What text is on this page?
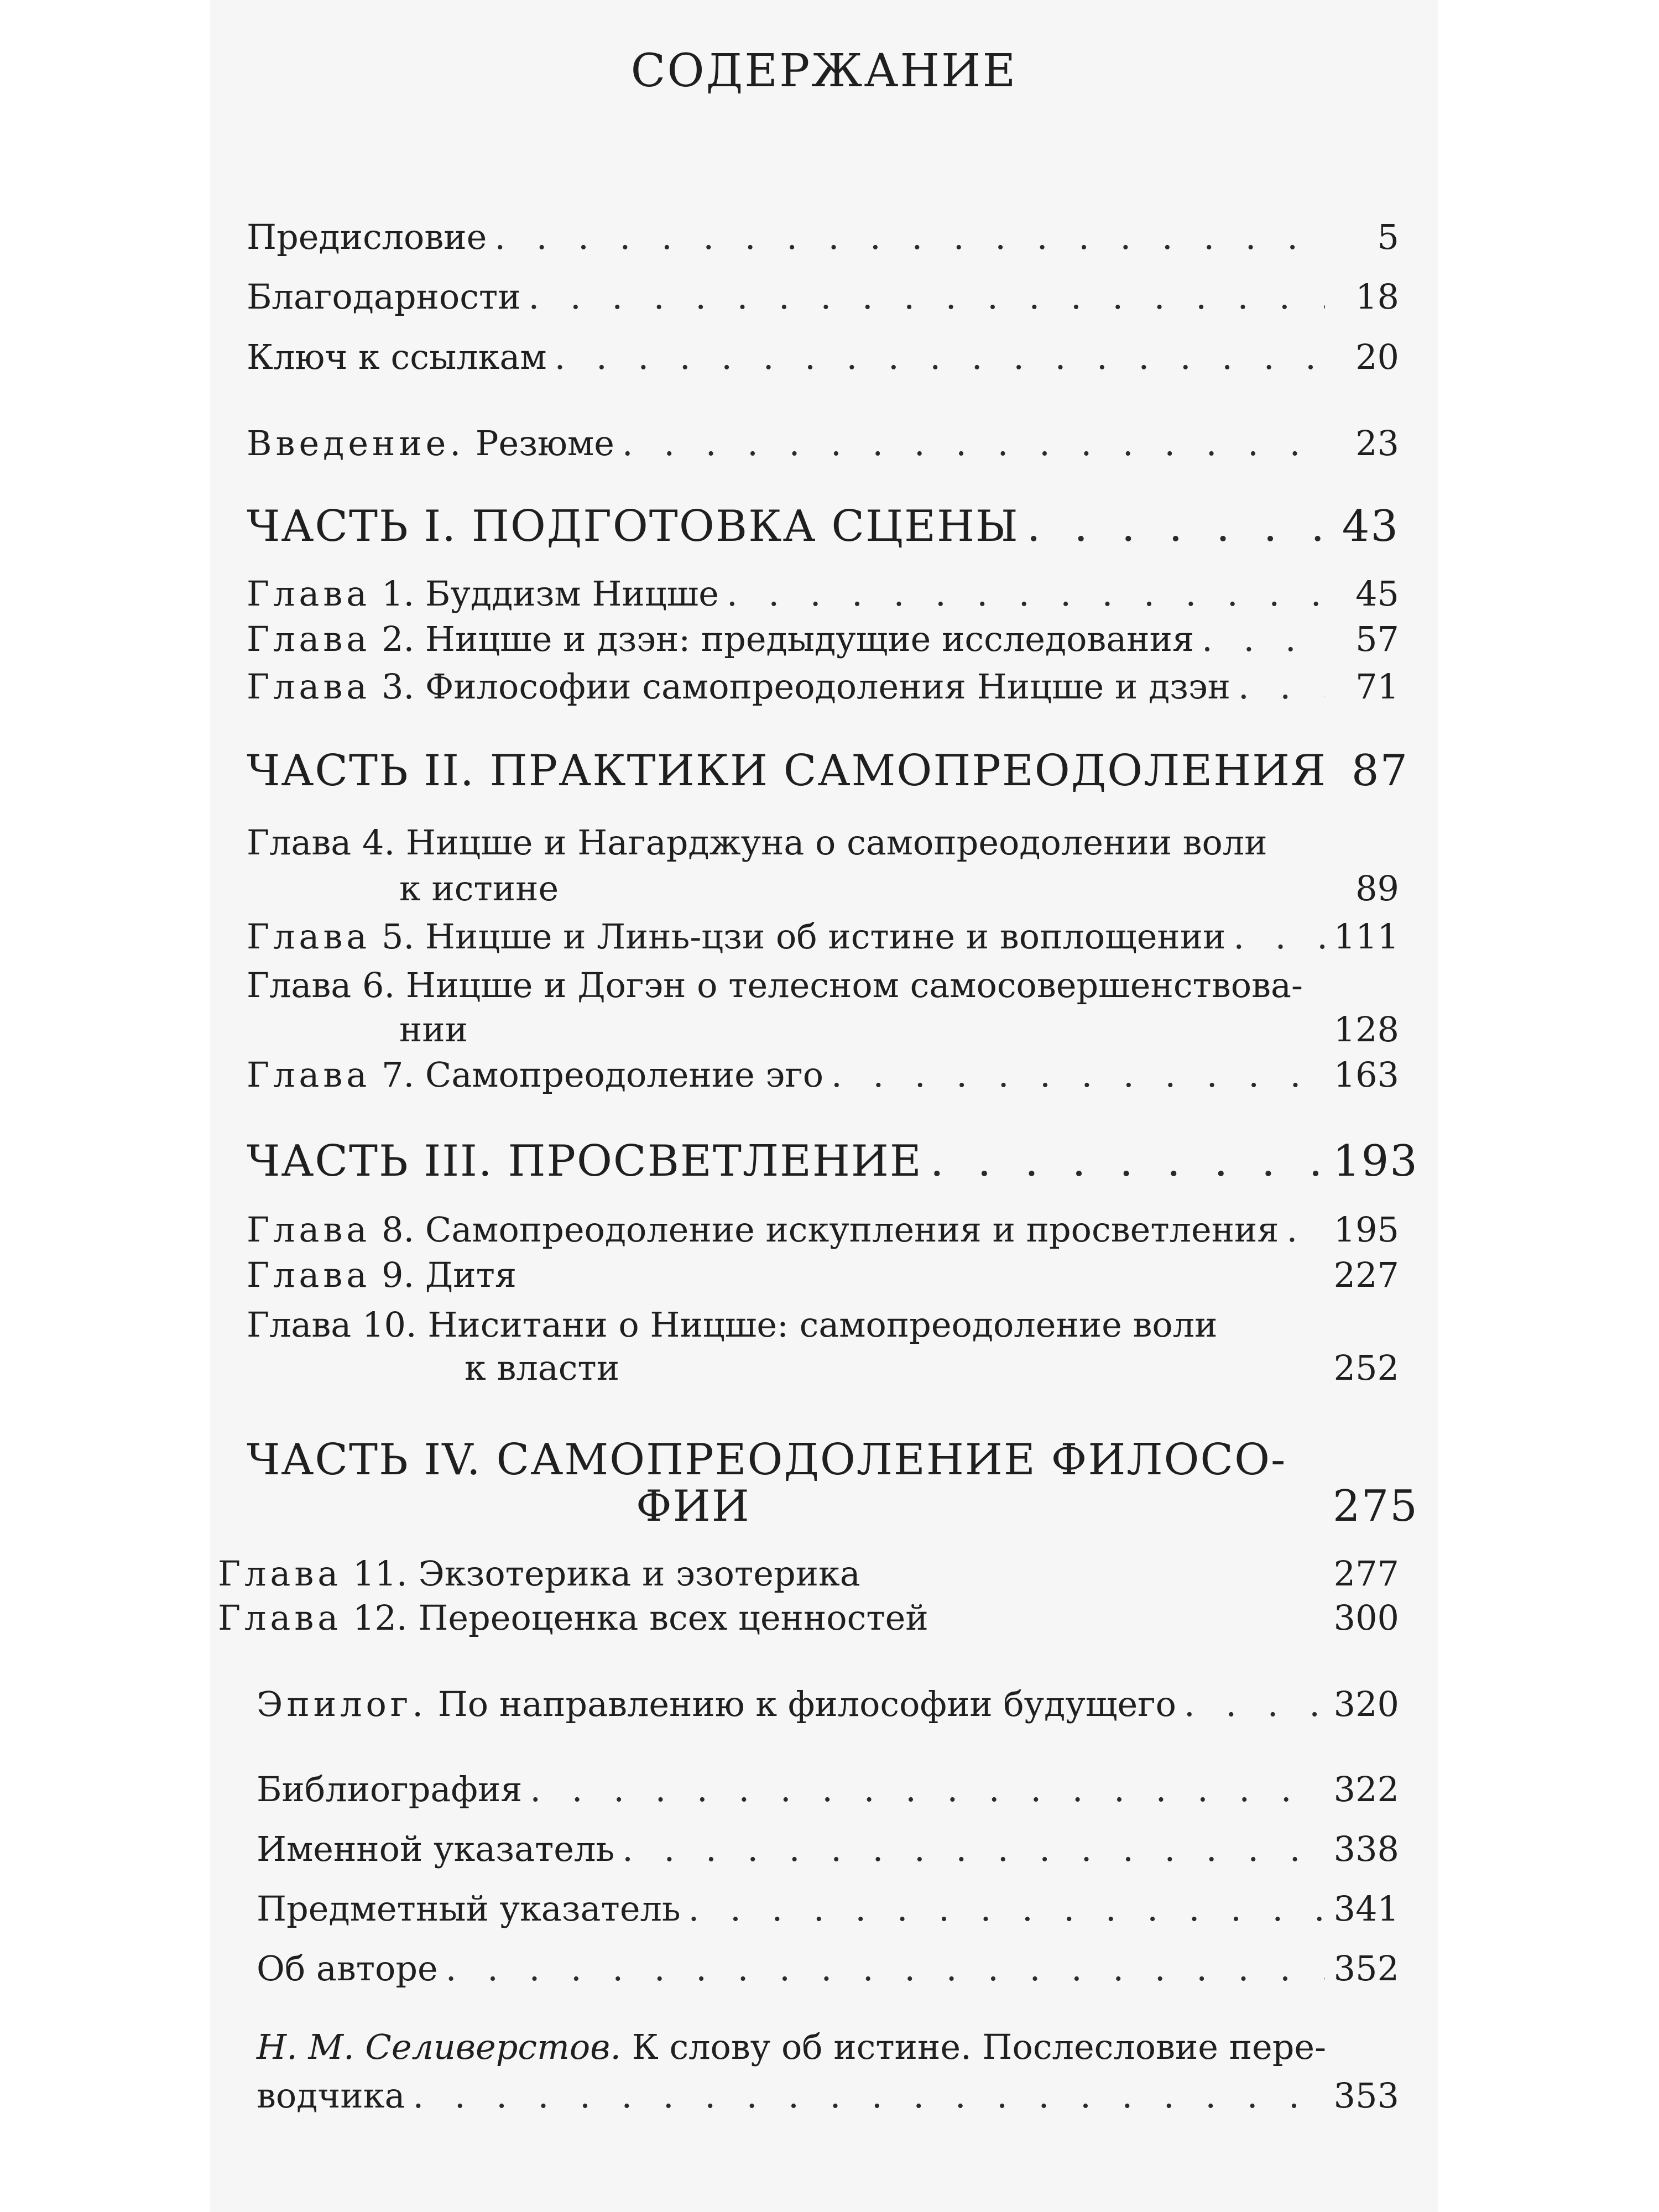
СОДЕРЖАНИЕ
Предисловие . . .	5
Благодарности . . .	18
Ключ к ссылкам . . .	20
Введение. Резюме . . .	23
ЧАСТЬ I. ПОДГОТОВКА СЦЕНЫ . . .	43
Глава 1. Буддизм Ницше . . .	45
Глава 2. Ницше и дзэн: предыдущие исследования . . .	57
Глава 3. Философии самопреодоления Ницше и дзэн . . .	71
ЧАСТЬ II. ПРАКТИКИ САМОПРЕОДОЛЕНИЯ 87
Глава 4. Ницше и Нагарджуна о самопреодолении воли
к истине	89
Глава 5. Ницше и Линь-цзи об истине и воплощении . . .	111
Глава 6. Ницше и Догэн о телесном самосовершенствова-
нии	128
Глава 7. Самопреодоление эго . . .	163
ЧАСТЬ III. ПРОСВЕТЛЕНИЕ . . .	193
Глава 8. Самопреодоление искупления и просветления . . . 195
Глава 9. Дитя	227
Глава 10. Ниситани о Ницше: самопреодоление воли
к власти	252
ЧАСТЬ IV. САМОПРЕОДОЛЕНИЕ ФИЛОСО-
ФИИ	275
Глава 11. Экзотерика и эзотерика	277
Глава 12. Переоценка всех ценностей	300
Эпилог. По направлению к философии будущего . . .	320
Библиография . . .	322
Именной указатель . . .	338
Предметный указатель . . .	341
Об авторе . . .	352
Н. М. Селиверстов. К слову об истине. Послесловие пере-
водчика . . .	353
